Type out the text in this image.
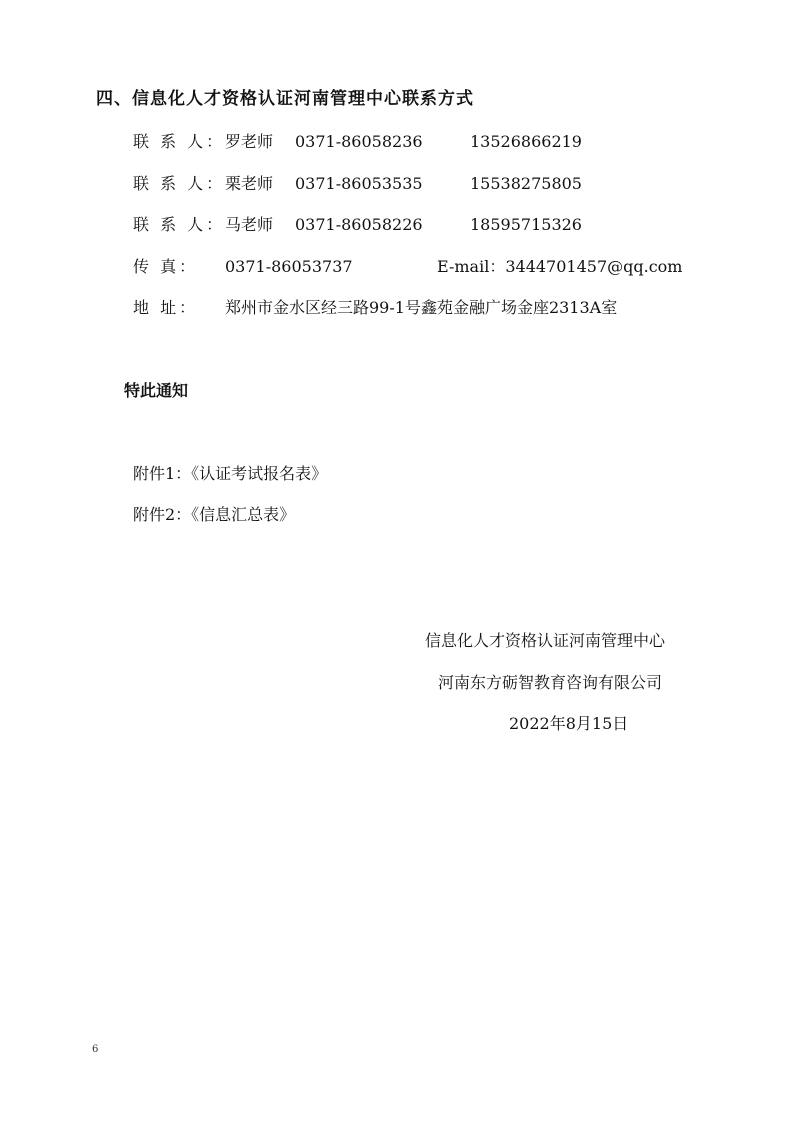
四、信息化人才资格认证河南管理中心联系方式
联 系 人：罗老师 0371-86058236	13526866219
联 系 人：栗老师 0371-86053535	15538275805
联 系 人：马老师 0371-86058226	18595715326
传 真： 0371-86053737	E-mail：3444701457@qq.com
地 址： 郑州市金水区经三路99-1号鑫苑金融广场金座2313A室
特此通知
附件1：《认证考试报名表》
附件2：《信息汇总表》
信息化人才资格认证河南管理中心
河南东方砺智教育咨询有限公司
2022年8月15日
6
